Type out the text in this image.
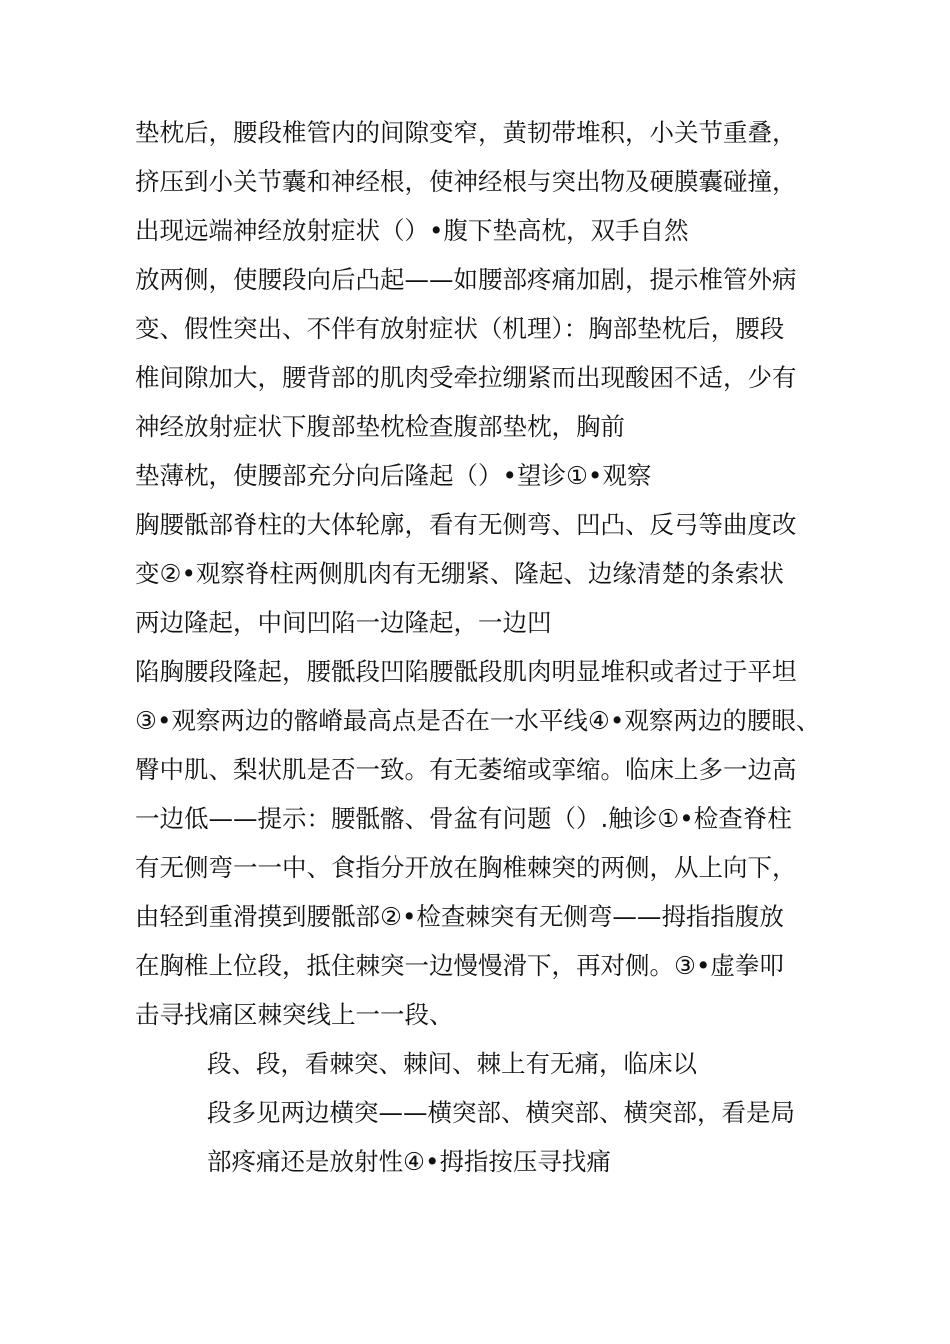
垫枕后，腰段椎管内的间隙变窄，黄韧带堆积，小关节重叠，
挤压到小关节囊和神经根，使神经根与突出物及硬膜囊碰撞，
出现远端神经放射症状（）•腹下垫高枕，双手自然
放两侧，使腰段向后凸起——如腰部疼痛加剧，提示椎管外病
变、假性突出、不伴有放射症状（机理）：胸部垫枕后，腰段
椎间隙加大，腰背部的肌肉受牵拉绷紧而出现酸困不适，少有
神经放射症状下腹部垫枕检查腹部垫枕，胸前
垫薄枕，使腰部充分向后隆起（）•望诊①•观察
胸腰骶部脊柱的大体轮廓，看有无侧弯、凹凸、反弓等曲度改
变②•观察脊柱两侧肌肉有无绷紧、隆起、边缘清楚的条索状
两边隆起，中间凹陷一边隆起，一边凹
陷胸腰段隆起，腰骶段凹陷腰骶段肌肉明显堆积或者过于平坦
③•观察两边的髂嵴最高点是否在一水平线④•观察两边的腰眼、
臀中肌、梨状肌是否一致。有无萎缩或挛缩。临床上多一边高
一边低——提示：腰骶髂、骨盆有问题（）.触诊①•检查脊柱
有无侧弯一一中、食指分开放在胸椎棘突的两侧，从上向下，
由轻到重滑摸到腰骶部②•检查棘突有无侧弯——拇指指腹放
在胸椎上位段，抵住棘突一边慢慢滑下，再对侧。③•虚拳叩
击寻找痛区棘突线上一一段、
段、段，看棘突、棘间、棘上有无痛，临床以
段多见两边横突——横突部、横突部、横突部，看是局
部疼痛还是放射性④•拇指按压寻找痛
